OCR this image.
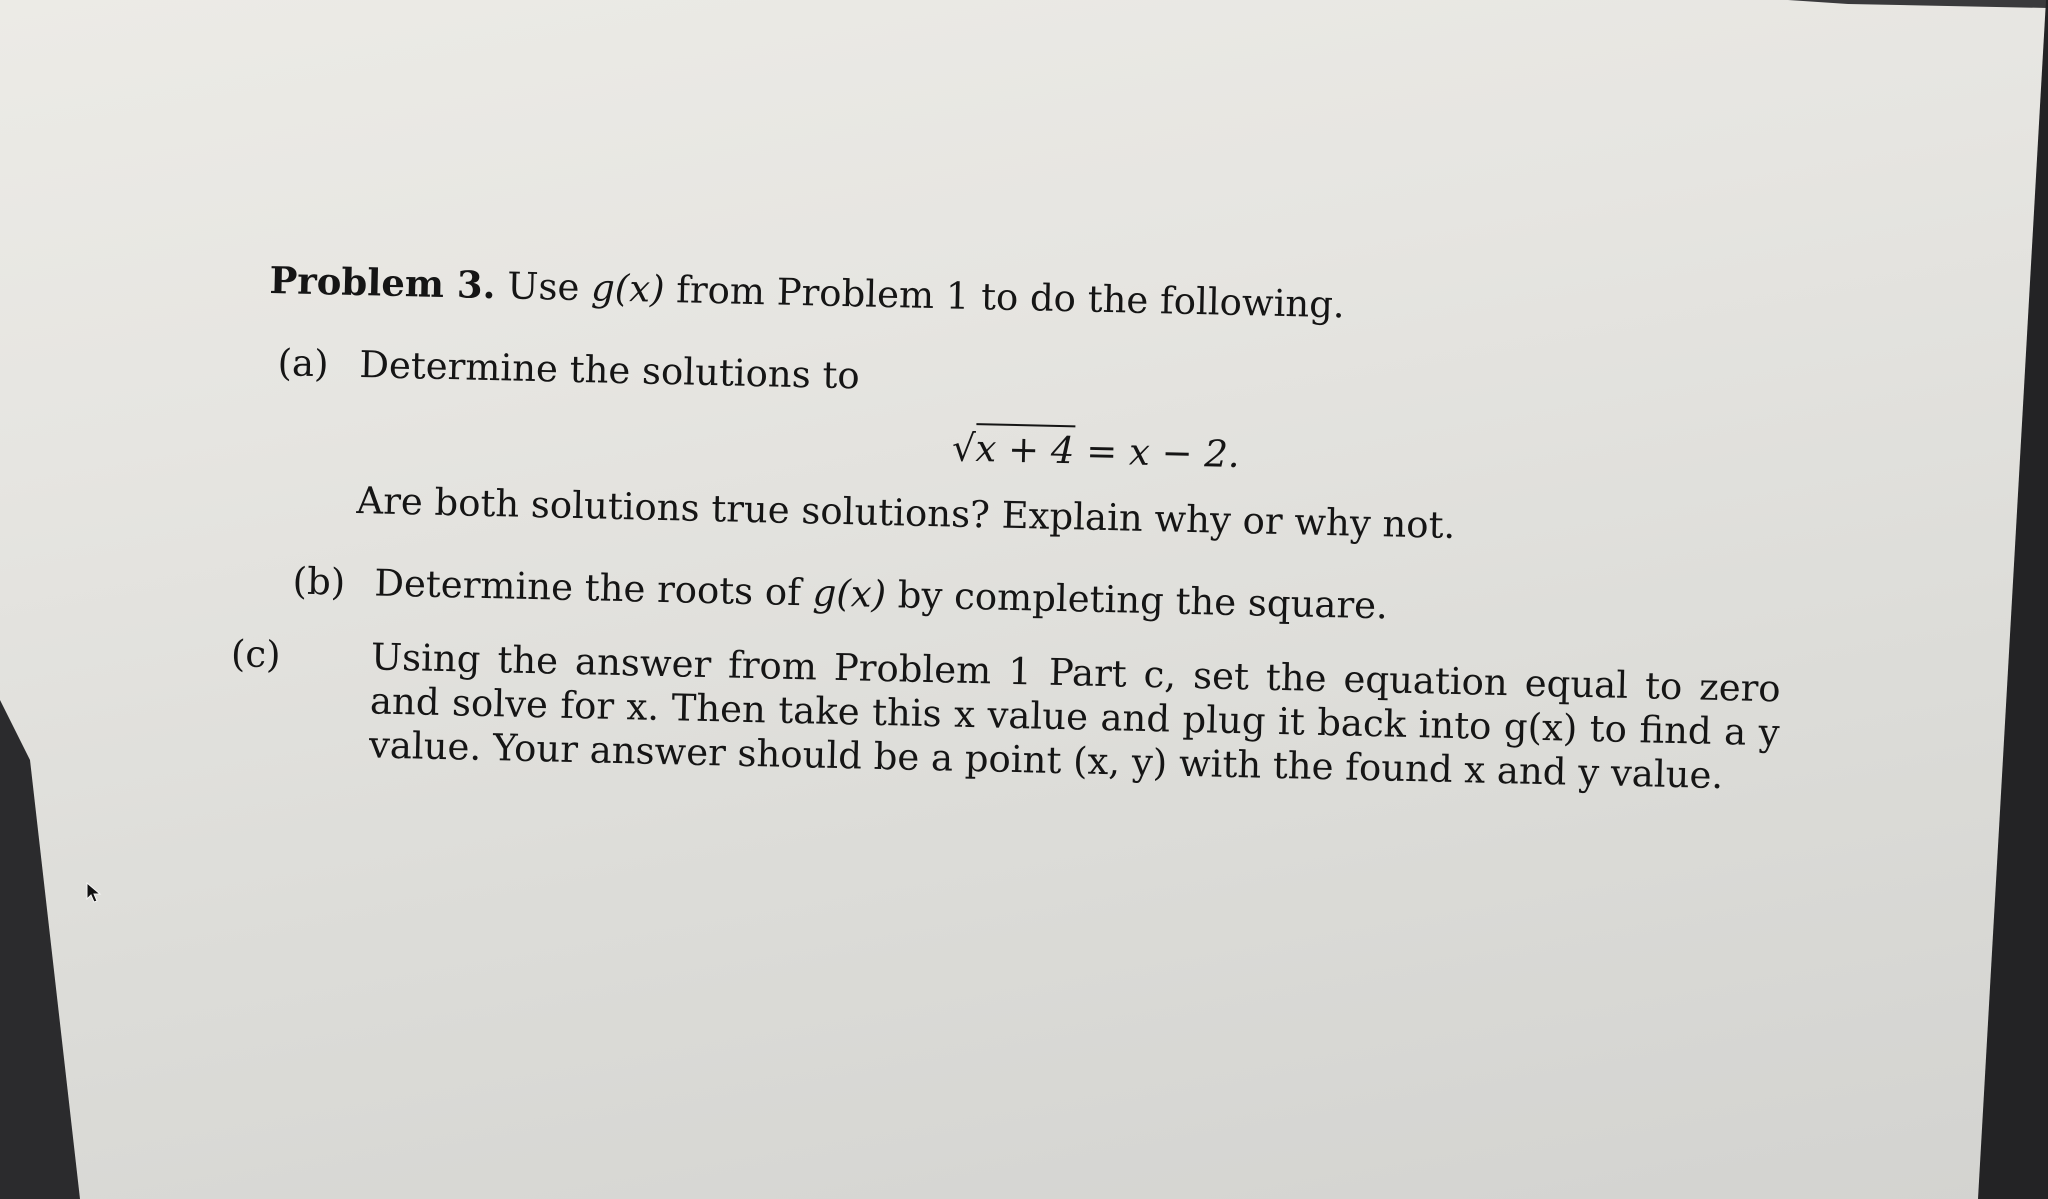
Problem 3. Use g(x) from Problem 1 to do the following.
(a) Determine the solutions to
√x + 4 = x − 2.
Are both solutions true solutions? Explain why or why not.
(b) Determine the roots of g(x) by completing the square.
(c) Using the answer from Problem 1 Part c, set the equation equal to zero and solve for x. Then take this x value and plug it back into g(x) to find a y value. Your answer should be a point (x, y) with the found x and y value.
